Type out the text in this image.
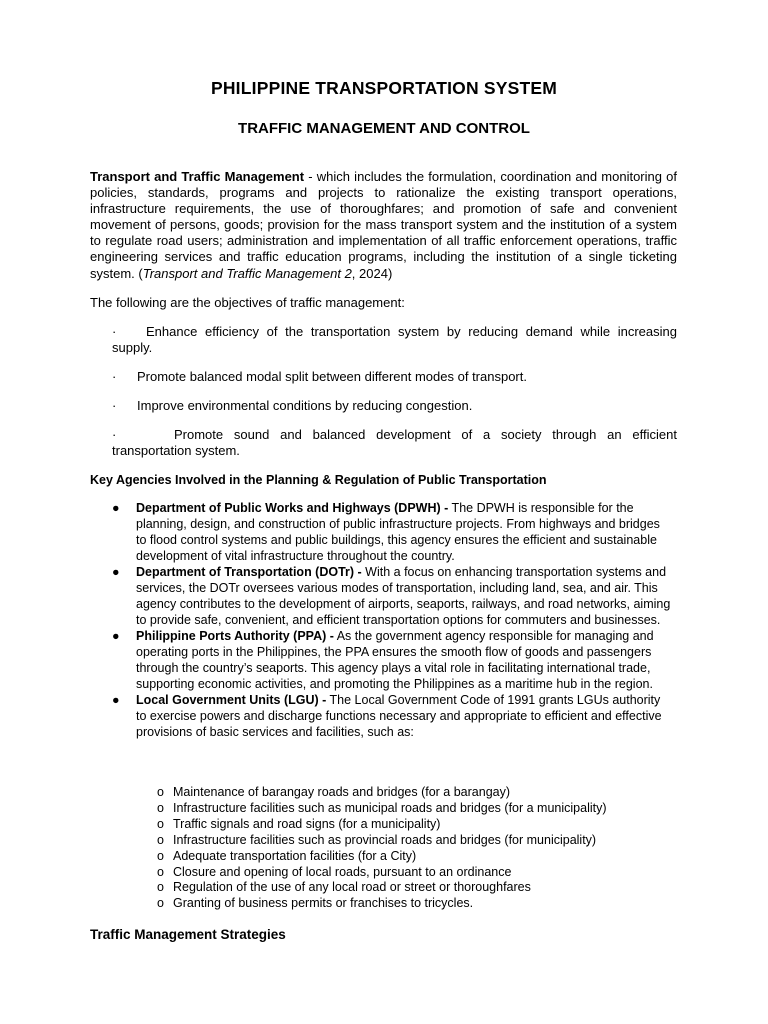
PHILIPPINE TRANSPORTATION SYSTEM
TRAFFIC MANAGEMENT AND CONTROL

Transport and Traffic Management - which includes the formulation, coordination and monitoring of policies, standards, programs and projects to rationalize the existing transport operations, infrastructure requirements, the use of thoroughfares; and promotion of safe and convenient movement of persons, goods; provision for the mass transport system and the institution of a system to regulate road users; administration and implementation of all traffic enforcement operations, traffic engineering services and traffic education programs, including the institution of a single ticketing system. (Transport and Traffic Management 2, 2024)

The following are the objectives of traffic management:

· Enhance efficiency of the transportation system by reducing demand while increasing supply.

· Promote balanced modal split between different modes of transport.

· Improve environmental conditions by reducing congestion.

·	Promote sound and balanced development of a society through an efficient transportation system.

Key Agencies Involved in the Planning & Regulation of Public Transportation

●	Department of Public Works and Highways (DPWH) - The DPWH is responsible for the planning, design, and construction of public infrastructure projects. From highways and bridges to flood control systems and public buildings, this agency ensures the efficient and sustainable development of vital infrastructure throughout the country.
●	Department of Transportation (DOTr) - With a focus on enhancing transportation systems and services, the DOTr oversees various modes of transportation, including land, sea, and air. This agency contributes to the development of airports, seaports, railways, and road networks, aiming to provide safe, convenient, and efficient transportation options for commuters and businesses.
●	Philippine Ports Authority (PPA) - As the government agency responsible for managing and operating ports in the Philippines, the PPA ensures the smooth flow of goods and passengers through the country’s seaports. This agency plays a vital role in facilitating international trade, supporting economic activities, and promoting the Philippines as a maritime hub in the region.
●	Local Government Units (LGU) - The Local Government Code of 1991 grants LGUs authority to exercise powers and discharge functions necessary and appropriate to efficient and effective provisions of basic services and facilities, such as:
o Maintenance of barangay roads and bridges (for a barangay)
o Infrastructure facilities such as municipal roads and bridges (for a municipality)
o Traffic signals and road signs (for a municipality)
o Infrastructure facilities such as provincial roads and bridges (for municipality)
o Adequate transportation facilities (for a City)
o Closure and opening of local roads, pursuant to an ordinance
o Regulation of the use of any local road or street or thoroughfares
o Granting of business permits or franchises to tricycles.

Traffic Management Strategies
